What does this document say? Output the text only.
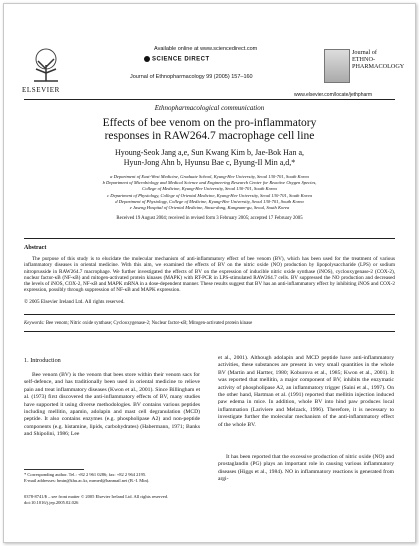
Available online at www.sciencedirect.com
SCIENCE DIRECT
Journal of Ethnopharmacology 99 (2005) 157–160
ELSEVIER
Journal of
ETHNO-
PHARMACOLOGY
www.elsevier.com/locate/jethpharm
Ethnopharmacological communication
Effects of bee venom on the pro-inflammatory
responses in RAW264.7 macrophage cell line
Hyoung-Seok Jang a,e, Sun Kwang Kim b, Jae-Bok Han a,
Hyun-Jong Ahn b, Hyunsu Bae c, Byung-Il Min a,d,*
a Department of East-West Medicine, Graduate School, Kyung-Hee University, Seoul 130-701, South Korea
b Department of Microbiology and Medical Science and Engineering Research Center for Reactive Oxygen Species,
College of Medicine, Kyung-Hee University, Seoul 130-701, South Korea
c Department of Physiology, College of Oriental Medicine, Kyung-Hee University, Seoul 130-701, South Korea
d Department of Physiology, College of Medicine, Kyung-Hee University, Seoul 130-701, South Korea
e Jaseng Hospital of Oriental Medicine, Sinsa-dong, Kangnam-gu, Seoul, South Korea
Received 19 August 2004; received in revised form 3 February 2005; accepted 17 February 2005
Abstract
The purpose of this study is to elucidate the molecular mechanism of anti-inflammatory effect of bee venom (BV), which has been used for the treatment of various inflammatory diseases in oriental medicine. With this aim, we examined the effects of BV on the nitric oxide (NO) production by lipopolysaccharide (LPS) or sodium nitroprusside in RAW264.7 macrophage. We further investigated the effects of BV on the expression of inducible nitric oxide synthase (iNOS), cyclooxygenase-2 (COX-2), nuclear factor-κB (NF-κB) and mitogen-activated protein kinases (MAPK) with RT-PCR in LPS-stimulated RAW264.7 cells. BV suppressed the NO production and decreased the levels of iNOS, COX-2, NF-κB and MAPK mRNA in a dose-dependent manner. These results suggest that BV has an anti-inflammatory effect by inhibiting iNOS and COX-2 expression, possibly through suppression of NF-κB and MAPK expression.
© 2005 Elsevier Ireland Ltd. All rights reserved.
Keywords: Bee venom; Nitric oxide synthase; Cyclooxygenase-2; Nuclear factor-κB; Mitogen-activated protein kinase
1. Introduction
Bee venom (BV) is the venom that bees store within their venom sacs for self-defence, and has traditionally been used in oriental medicine to relieve pain and treat inflammatory diseases (Kwon et al., 2001). Since Billingham et al. (1973) first discovered the anti-inflammatory effects of BV, many studies have supported it using diverse methodologies. BV contains various peptides including mellitin, apamin, adolapin and mast cell degranulation (MCD) peptide. It also contains enzymes (e.g. phospholipase A2) and non-peptide components (e.g. histamine, lipids, carbohydrates) (Habermann, 1971; Banks and Shipolini, 1986; Lee
* Corresponding author. Tel.: +82 2 961 0286; fax: +82 2 964 2195.
E-mail addresses: bmin@khu.ac.kr, mrmed@hanmail.net (B.-I. Min).
0378-8741/$ – see front matter © 2005 Elsevier Ireland Ltd. All rights reserved.
doi:10.1016/j.jep.2005.02.026
et al., 2001). Although adolapin and MCD peptide have anti-inflammatory activities, these substances are present in very small quantities in the whole BV (Martin and Hartter, 1980; Koburova et al., 1985; Kwon et al., 2001). It was reported that mellitin, a major component of BV, inhibits the enzymatic activity of phospholipase A2, an inflammatory trigger (Saini et al., 1997). On the other hand, Hartman et al. (1991) reported that mellitin injection induced paw edema in mice. In addition, whole BV into hind paw produces local inflammation (Lariviere and Melzack, 1996). Therefore, it is necessary to investigate further the molecular mechanism of the anti-inflammatory effect of the whole BV.
It has been reported that the excessive production of nitric oxide (NO) and prostaglandin (PG) plays an important role in causing various inflammatory diseases (Higgs et al., 1984). NO in inflammatory reactions is generated from argi-
